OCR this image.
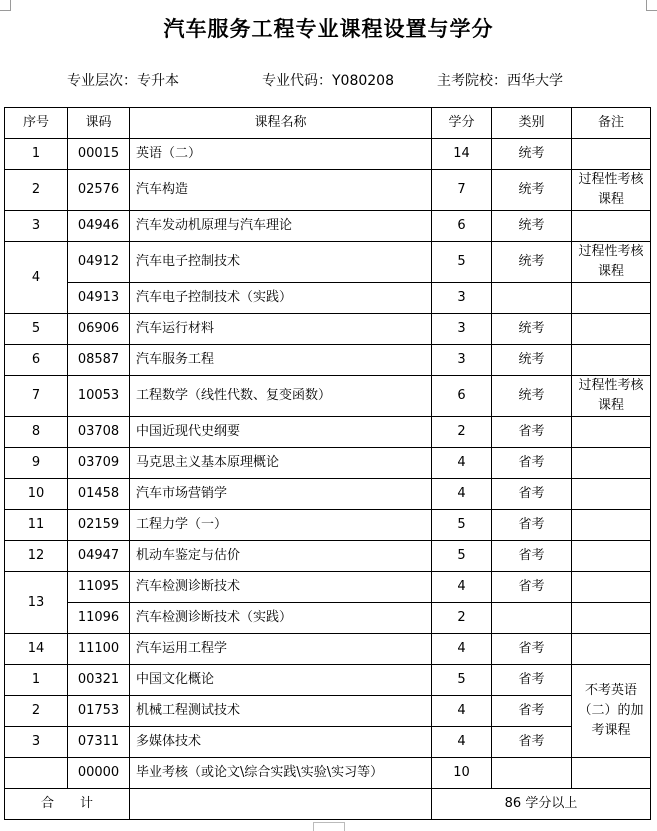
汽车服务工程专业课程设置与学分
专业层次：专升本	专业代码：Y080208	主考院校：西华大学
序号	课码	课程名称	学分	类别	备注
1	00015	英语（二）	14	统考	
2	02576	汽车构造	7	统考	过程性考核课程
3	04946	汽车发动机原理与汽车理论	6	统考	
4	04912	汽车电子控制技术	5	统考	过程性考核课程
	04913	汽车电子控制技术（实践）	3		
5	06906	汽车运行材料	3	统考	
6	08587	汽车服务工程	3	统考	
7	10053	工程数学（线性代数、复变函数）	6	统考	过程性考核课程
8	03708	中国近现代史纲要	2	省考	
9	03709	马克思主义基本原理概论	4	省考	
10	01458	汽车市场营销学	4	省考	
11	02159	工程力学（一）	5	省考	
12	04947	机动车鉴定与估价	5	省考	
13	11095	汽车检测诊断技术	4	省考	
	11096	汽车检测诊断技术（实践）	2		
14	11100	汽车运用工程学	4	省考	
1	00321	中国文化概论	5	省考	不考英语（二）的加考课程
2	01753	机械工程测试技术	4	省考	
3	07311	多媒体技术	4	省考	
	00000	毕业考核（或论文\综合实践\实验\实习等）	10		
合　　计			86 学分以上		
